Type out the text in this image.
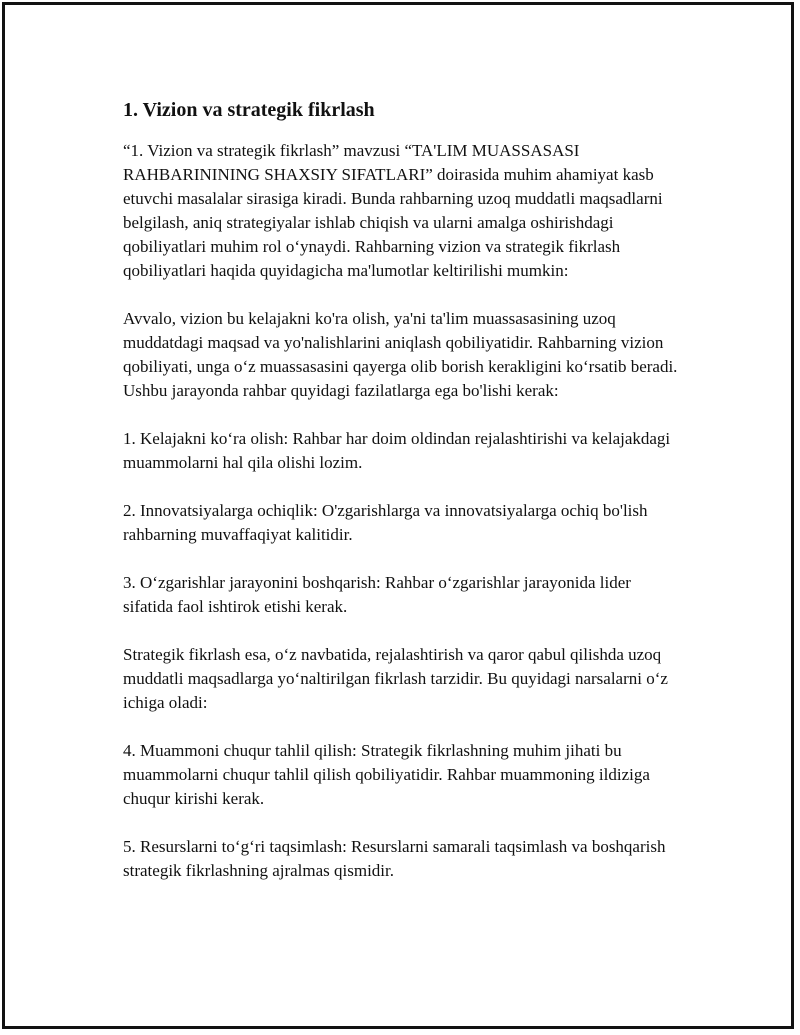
1. Vizion va strategik fikrlash

“1. Vizion va strategik fikrlash” mavzusi “TA'LIM MUASSASASI RAHBARININING SHAXSIY SIFATLARI” doirasida muhim ahamiyat kasb etuvchi masalalar sirasiga kiradi. Bunda rahbarning uzoq muddatli maqsadlarni belgilash, aniq strategiyalar ishlab chiqish va ularni amalga oshirishdagi qobiliyatlari muhim rol oʻynaydi. Rahbarning vizion va strategik fikrlash qobiliyatlari haqida quyidagicha ma'lumotlar keltirilishi mumkin:

Avvalo, vizion bu kelajakni ko'ra olish, ya'ni ta'lim muassasasining uzoq muddatdagi maqsad va yo'nalishlarini aniqlash qobiliyatidir. Rahbarning vizion qobiliyati, unga oʻz muassasasini qayerga olib borish kerakligini koʻrsatib beradi. Ushbu jarayonda rahbar quyidagi fazilatlarga ega bo'lishi kerak:

1. Kelajakni koʻra olish: Rahbar har doim oldindan rejalashtirishi va kelajakdagi muammolarni hal qila olishi lozim.

2. Innovatsiyalarga ochiqlik: O'zgarishlarga va innovatsiyalarga ochiq bo'lish rahbarning muvaffaqiyat kalitidir.

3. Oʻzgarishlar jarayonini boshqarish: Rahbar oʻzgarishlar jarayonida lider sifatida faol ishtirok etishi kerak.

Strategik fikrlash esa, oʻz navbatida, rejalashtirish va qaror qabul qilishda uzoq muddatli maqsadlarga yoʻnaltirilgan fikrlash tarzidir. Bu quyidagi narsalarni oʻz ichiga oladi:

4. Muammoni chuqur tahlil qilish: Strategik fikrlashning muhim jihati bu muammolarni chuqur tahlil qilish qobiliyatidir. Rahbar muammoning ildiziga chuqur kirishi kerak.

5. Resurslarni toʻgʻri taqsimlash: Resurslarni samarali taqsimlash va boshqarish strategik fikrlashning ajralmas qismidir.
